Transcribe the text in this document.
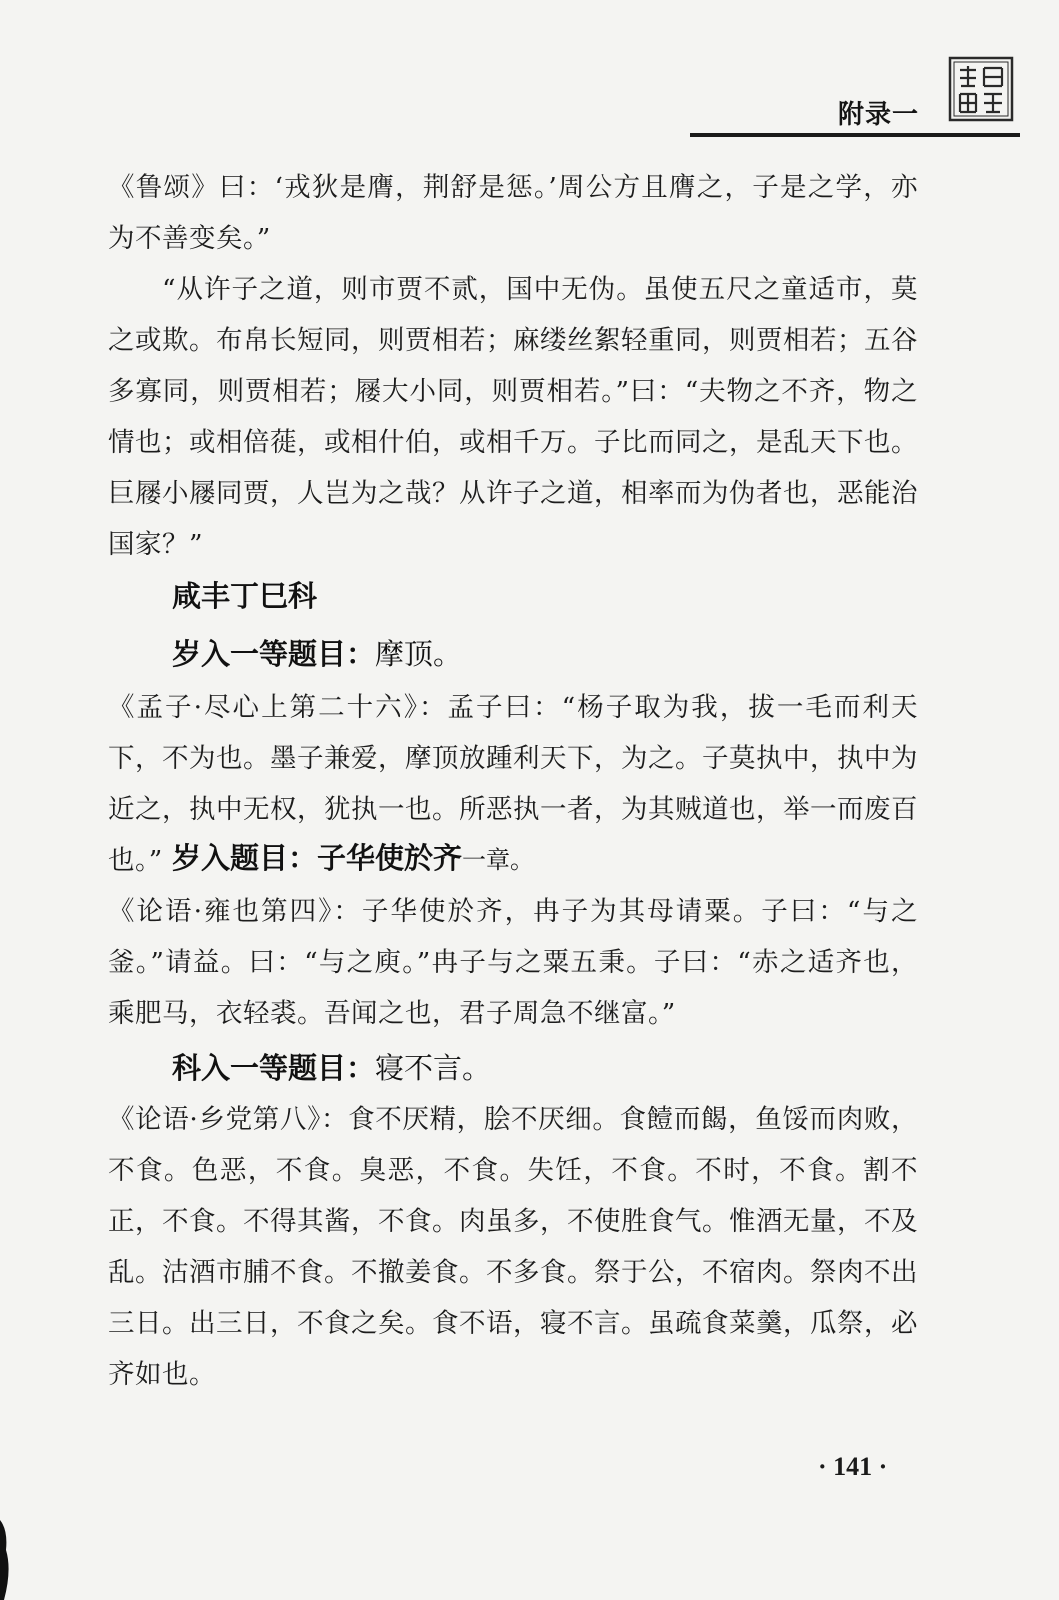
附录一

《鲁颂》曰：‘戎狄是膺，荆舒是惩。’周公方且膺之，子是之学，亦为不善变矣。”

“从许子之道，则市贾不贰，国中无伪。虽使五尺之童适市，莫之或欺。布帛长短同，则贾相若；麻缕丝絮轻重同，则贾相若；五谷多寡同，则贾相若；屦大小同，则贾相若。”曰：“夫物之不齐，物之情也；或相倍蓰，或相什伯，或相千万。子比而同之，是乱天下也。巨屦小屦同贾，人岂为之哉？从许子之道，相率而为伪者也，恶能治国家？”

咸丰丁巳科
岁入一等题目：摩顶。

《孟子·尽心上第二十六》：孟子曰：“杨子取为我，拔一毛而利天下，不为也。墨子兼爱，摩顶放踵利天下，为之。子莫执中，执中为近之，执中无权，犹执一也。所恶执一者，为其贼道也，举一而废百也。” 岁入题目：子华使於齐一章。

《论语·雍也第四》：子华使於齐，冉子为其母请粟。子曰：“与之釜。”请益。曰：“与之庾。”冉子与之粟五秉。子曰：“赤之适齐也，乘肥马，衣轻裘。吾闻之也，君子周急不继富。”

科入一等题目：寝不言。

《论语·乡党第八》：食不厌精，脍不厌细。食饐而餲，鱼馁而肉败，不食。色恶，不食。臭恶，不食。失饪，不食。不时，不食。割不正，不食。不得其酱，不食。肉虽多，不使胜食气。惟酒无量，不及乱。沽酒市脯不食。不撤姜食。不多食。祭于公，不宿肉。祭肉不出三日。出三日，不食之矣。食不语，寝不言。虽疏食菜羹，瓜祭，必齐如也。

· 141 ·
